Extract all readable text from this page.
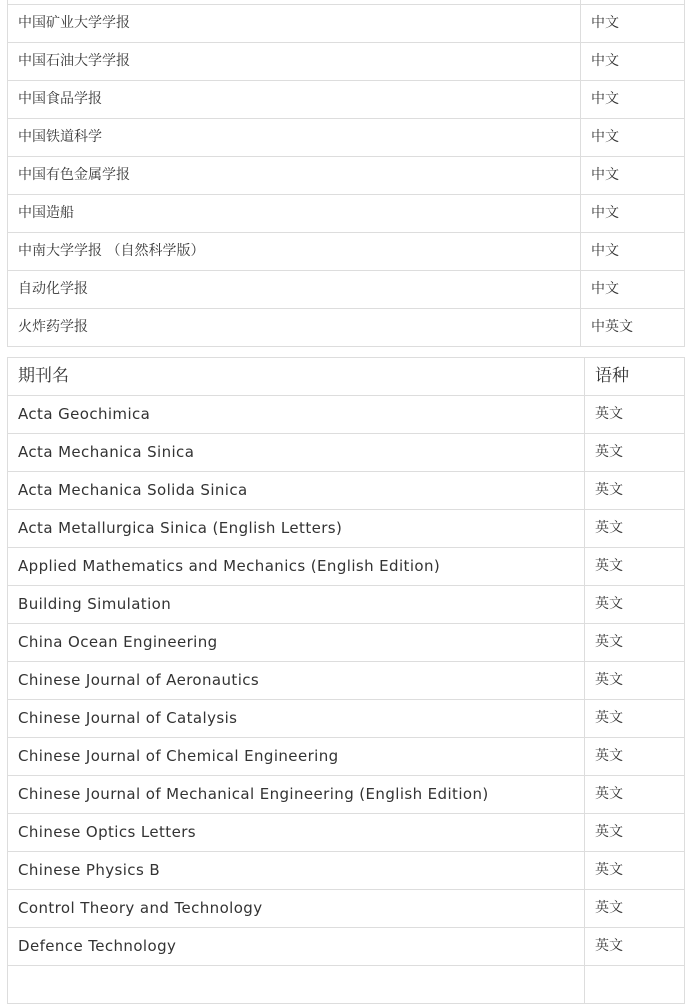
中国矿业大学学报	中文
中国石油大学学报	中文
中国食品学报	中文
中国铁道科学	中文
中国有色金属学报	中文
中国造船	中文
中南大学学报 （自然科学版）	中文
自动化学报	中文
火炸药学报	中英文
期刊名	语种
Acta Geochimica	英文
Acta Mechanica Sinica	英文
Acta Mechanica Solida Sinica	英文
Acta Metallurgica Sinica (English Letters)	英文
Applied Mathematics and Mechanics (English Edition)	英文
Building Simulation	英文
China Ocean Engineering	英文
Chinese Journal of Aeronautics	英文
Chinese Journal of Catalysis	英文
Chinese Journal of Chemical Engineering	英文
Chinese Journal of Mechanical Engineering (English Edition)	英文
Chinese Optics Letters	英文
Chinese Physics B	英文
Control Theory and Technology	英文
Defence Technology	英文
